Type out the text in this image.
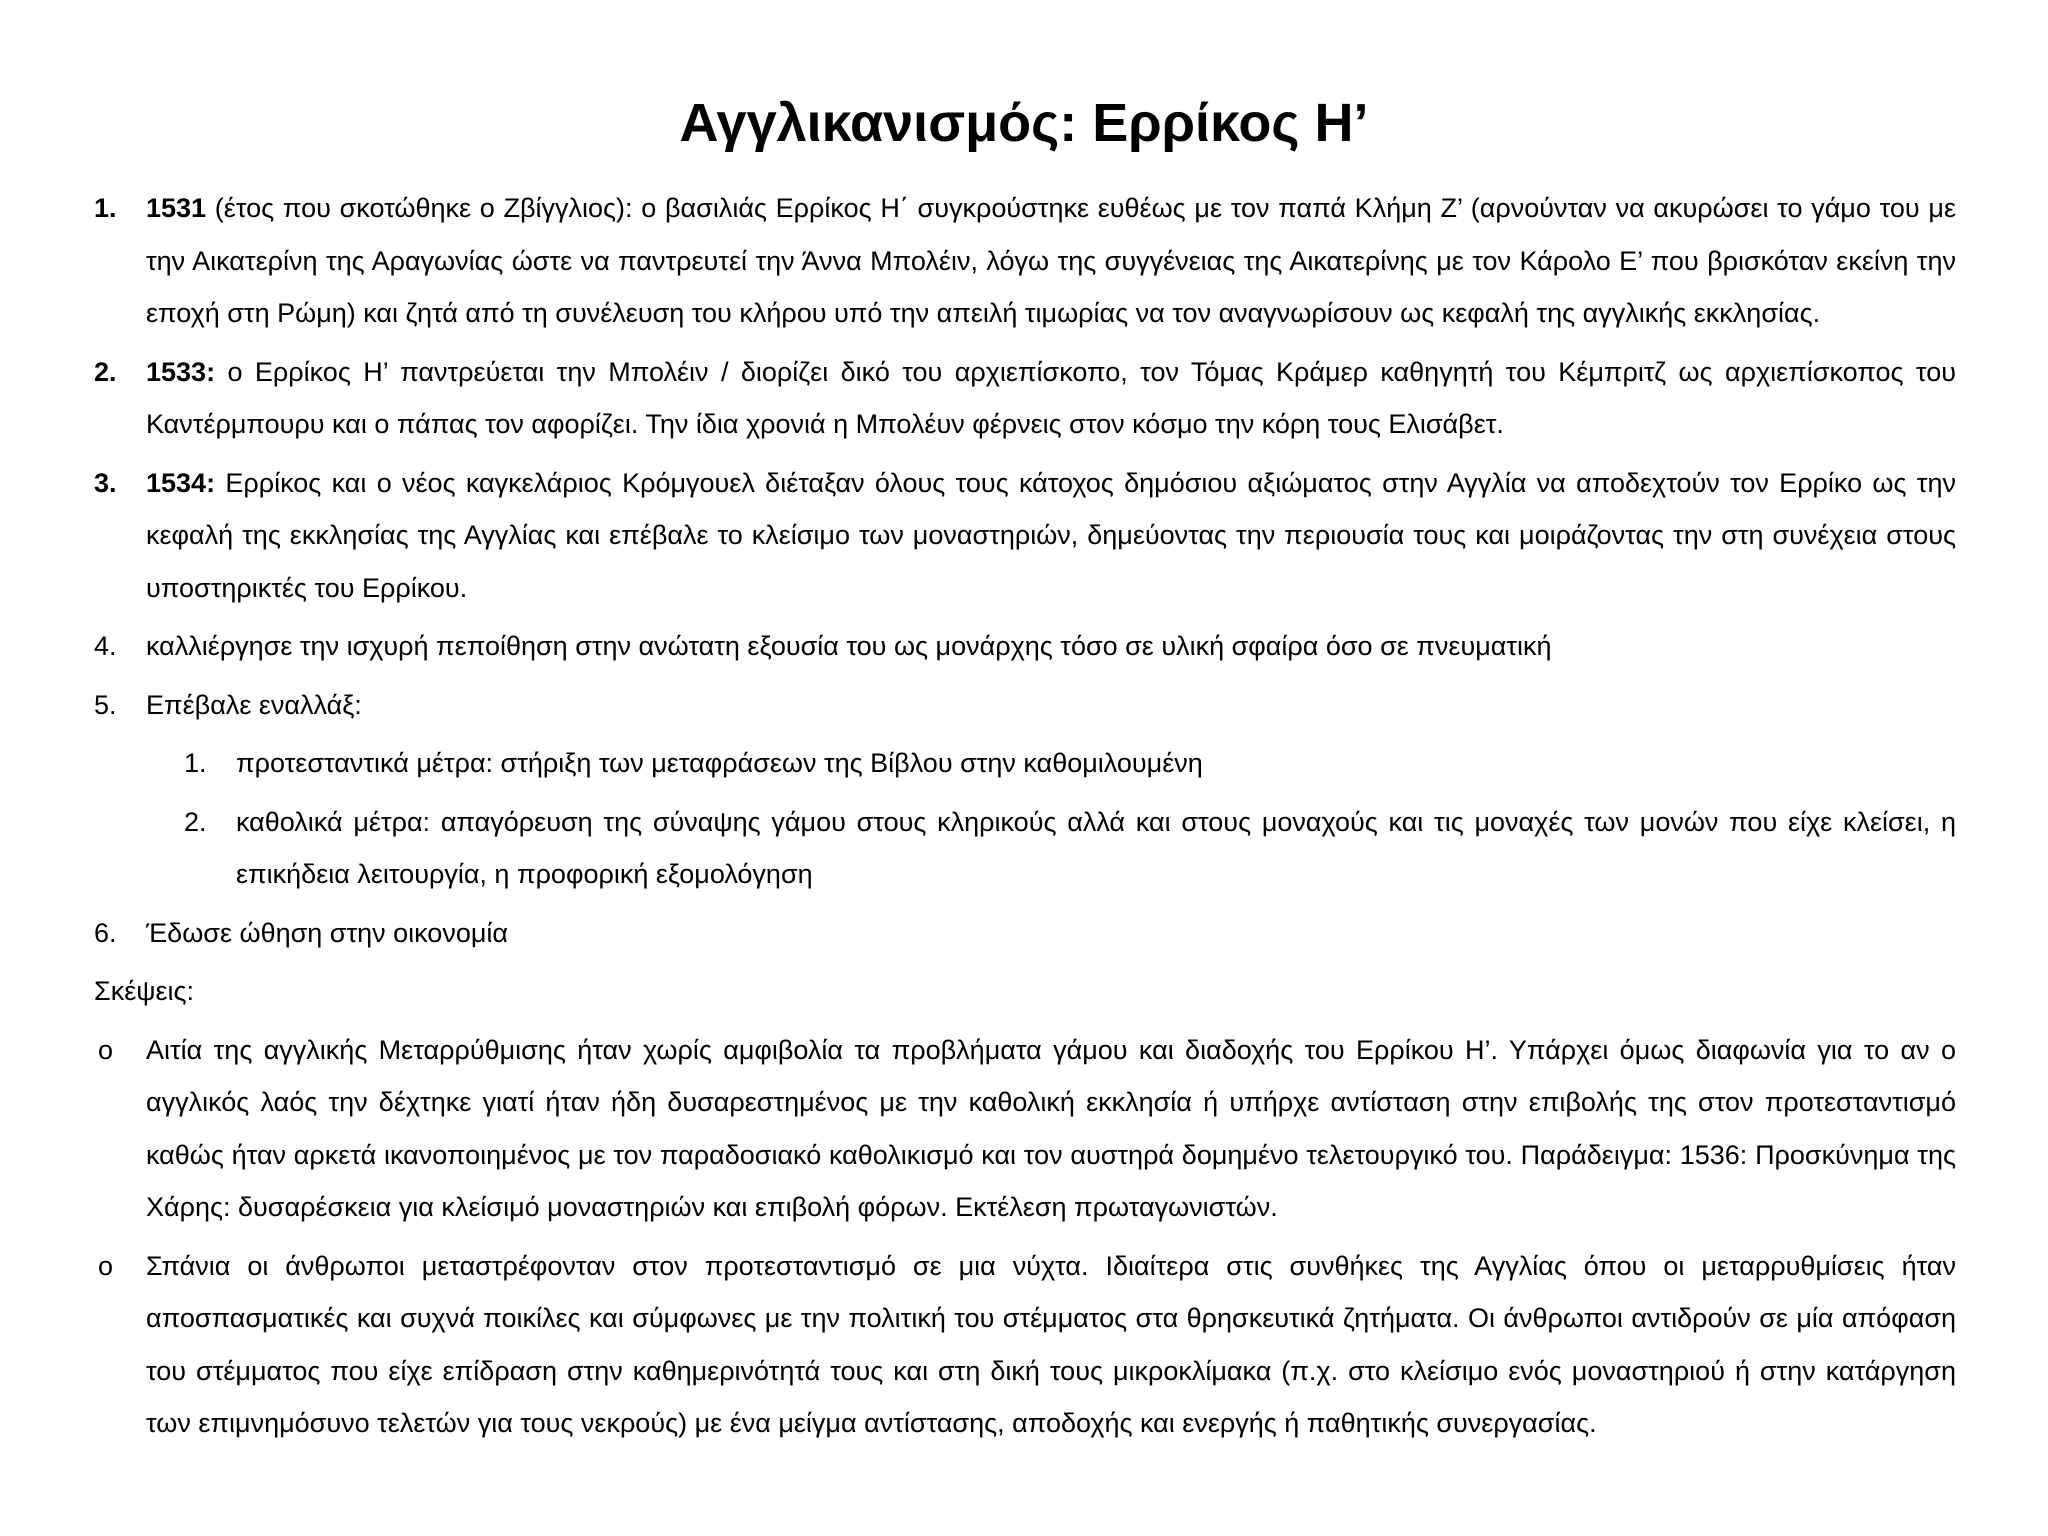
Αγγλικανισμός: Ερρίκος Η’
1. 1531 (έτος που σκοτώθηκε ο Ζβίγγλιος): ο βασιλιάς Ερρίκος Η΄ συγκρούστηκε ευθέως με τον παπά Κλήμη Ζ’ (αρνούνταν να ακυρώσει το γάμο του με την Αικατερίνη της Αραγωνίας ώστε να παντρευτεί την Άννα Μπολέιν, λόγω της συγγένειας της Αικατερίνης με τον Κάρολο Ε’ που βρισκόταν εκείνη την εποχή στη Ρώμη) και ζητά από τη συνέλευση του κλήρου υπό την απειλή τιμωρίας να τον αναγνωρίσουν ως κεφαλή της αγγλικής εκκλησίας.
2. 1533: ο Ερρίκος Η’ παντρεύεται την Μπολέιν / διορίζει δικό του αρχιεπίσκοπο, τον Τόμας Κράμερ καθηγητή του Κέμπριτζ ως αρχιεπίσκοπος του Καντέρμπουρυ και ο πάπας τον αφορίζει. Την ίδια χρονιά η Μπολέυν φέρνεις στον κόσμο την κόρη τους Ελισάβετ.
3. 1534: Ερρίκος και ο νέος καγκελάριος Κρόμγουελ διέταξαν όλους τους κάτοχος δημόσιου αξιώματος στην Αγγλία να αποδεχτούν τον Ερρίκο ως την κεφαλή της εκκλησίας της Αγγλίας και επέβαλε το κλείσιμο των μοναστηριών, δημεύοντας την περιουσία τους και μοιράζοντας την στη συνέχεια στους υποστηρικτές του Ερρίκου.
4. καλλιέργησε την ισχυρή πεποίθηση στην ανώτατη εξουσία του ως μονάρχης τόσο σε υλική σφαίρα όσο σε πνευματική
5. Επέβαλε εναλλάξ:
1. προτεσταντικά μέτρα: στήριξη των μεταφράσεων της Βίβλου στην καθομιλουμένη
2. καθολικά μέτρα: απαγόρευση της σύναψης γάμου στους κληρικούς αλλά και στους μοναχούς και τις μοναχές των μονών που είχε κλείσει, η επικήδεια λειτουργία, η προφορική εξομολόγηση
6. Έδωσε ώθηση στην οικονομία
Σκέψεις:
o Αιτία της αγγλικής Μεταρρύθμισης ήταν χωρίς αμφιβολία τα προβλήματα γάμου και διαδοχής του Ερρίκου Η’. Υπάρχει όμως διαφωνία για το αν ο αγγλικός λαός την δέχτηκε γιατί ήταν ήδη δυσαρεστημένος με την καθολική εκκλησία ή υπήρχε αντίσταση στην επιβολής της στον προτεσταντισμό καθώς ήταν αρκετά ικανοποιημένος με τον παραδοσιακό καθολικισμό και τον αυστηρά δομημένο τελετουργικό του. Παράδειγμα: 1536: Προσκύνημα της Χάρης: δυσαρέσκεια για κλείσιμό μοναστηριών και επιβολή φόρων. Εκτέλεση πρωταγωνιστών.
o Σπάνια οι άνθρωποι μεταστρέφονταν στον προτεσταντισμό σε μια νύχτα. Ιδιαίτερα στις συνθήκες της Αγγλίας όπου οι μεταρρυθμίσεις ήταν αποσπασματικές και συχνά ποικίλες και σύμφωνες με την πολιτική του στέμματος στα θρησκευτικά ζητήματα. Οι άνθρωποι αντιδρούν σε μία απόφαση του στέμματος που είχε επίδραση στην καθημερινότητά τους και στη δική τους μικροκλίμακα (π.χ. στο κλείσιμο ενός μοναστηριού ή στην κατάργηση των επιμνημόσυνο τελετών για τους νεκρούς) με ένα μείγμα αντίστασης, αποδοχής και ενεργής ή παθητικής συνεργασίας.
